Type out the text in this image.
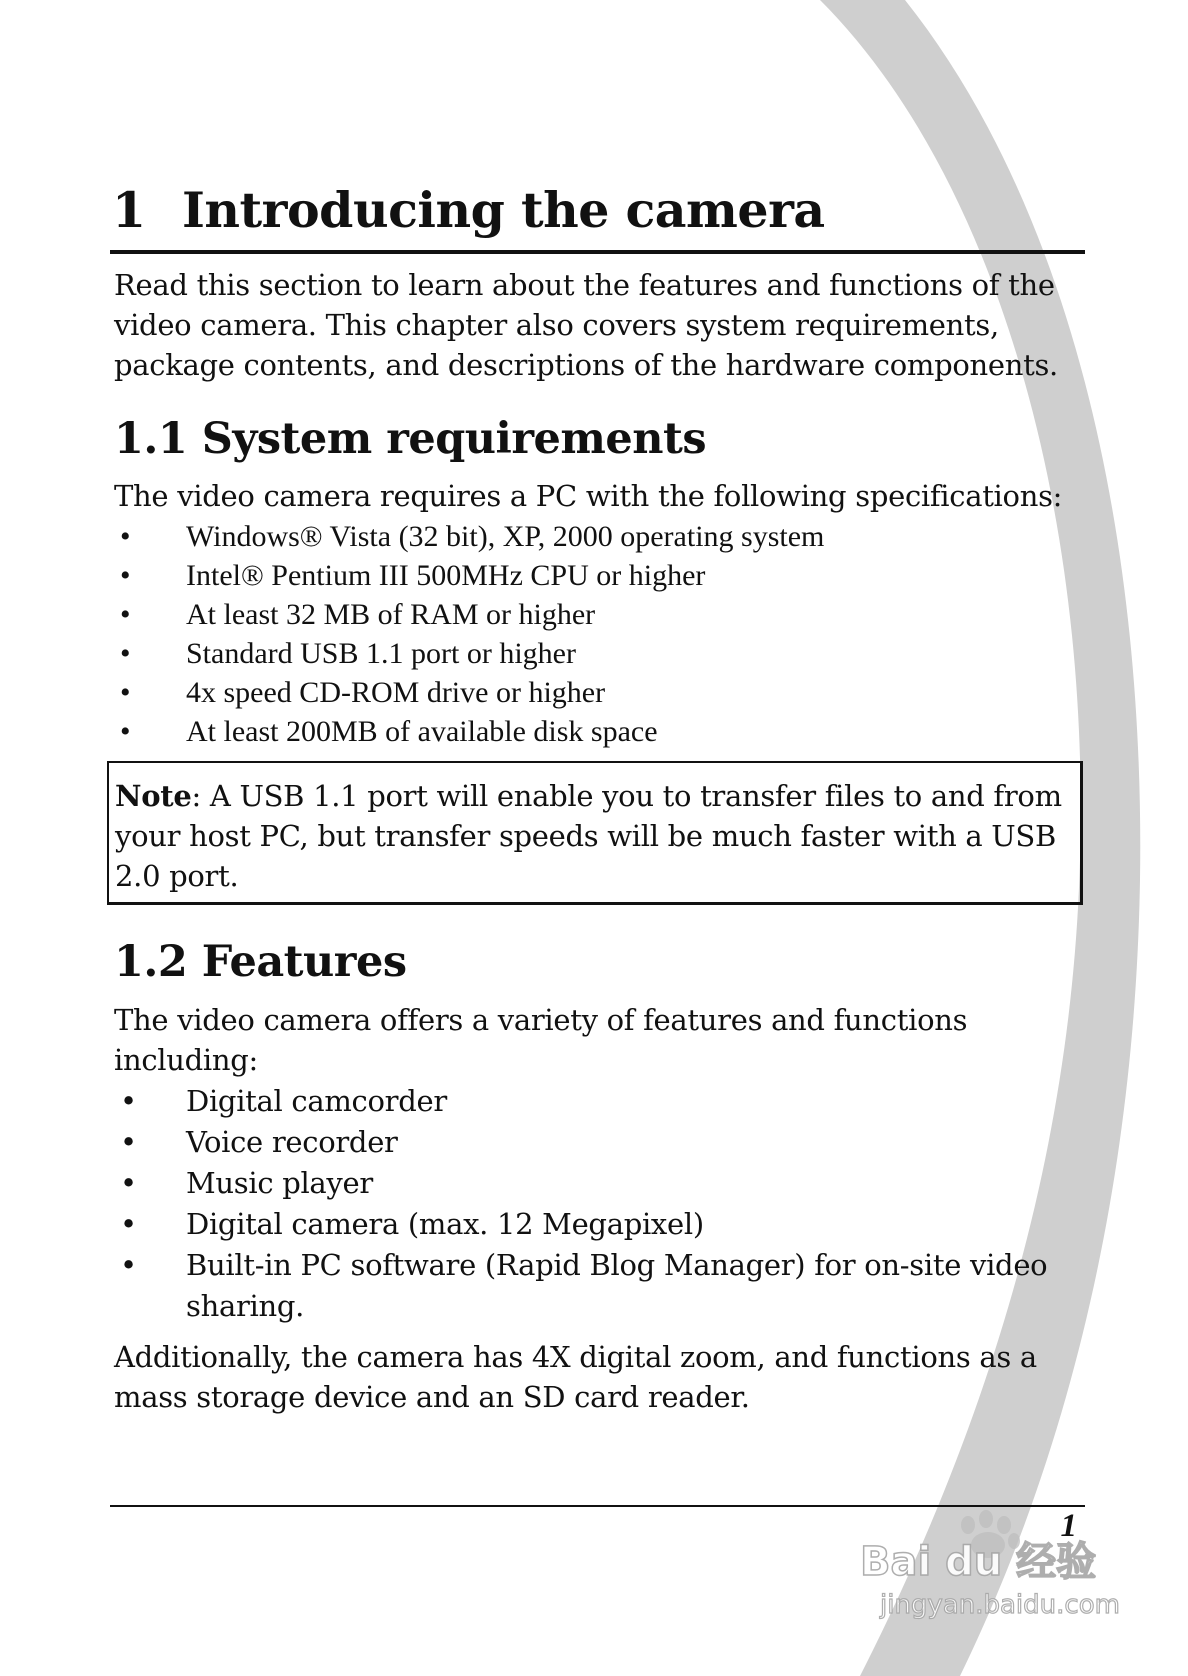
1 Introducing the camera

Read this section to learn about the features and functions of the video camera. This chapter also covers system requirements, package contents, and descriptions of the hardware components.

1.1 System requirements

The video camera requires a PC with the following specifications:

• Windows® Vista (32 bit), XP, 2000 operating system
• Intel® Pentium III 500MHz CPU or higher
• At least 32 MB of RAM or higher
• Standard USB 1.1 port or higher
• 4x speed CD-ROM drive or higher
• At least 200MB of available disk space

Note: A USB 1.1 port will enable you to transfer files to and from your host PC, but transfer speeds will be much faster with a USB 2.0 port.

1.2 Features

The video camera offers a variety of features and functions including:

• Digital camcorder
• Voice recorder
• Music player
• Digital camera (max. 12 Megapixel)
• Built-in PC software (Rapid Blog Manager) for on-site video sharing.

Additionally, the camera has 4X digital zoom, and functions as a mass storage device and an SD card reader.

1
Bai du 经验
jingyan.baidu.com
